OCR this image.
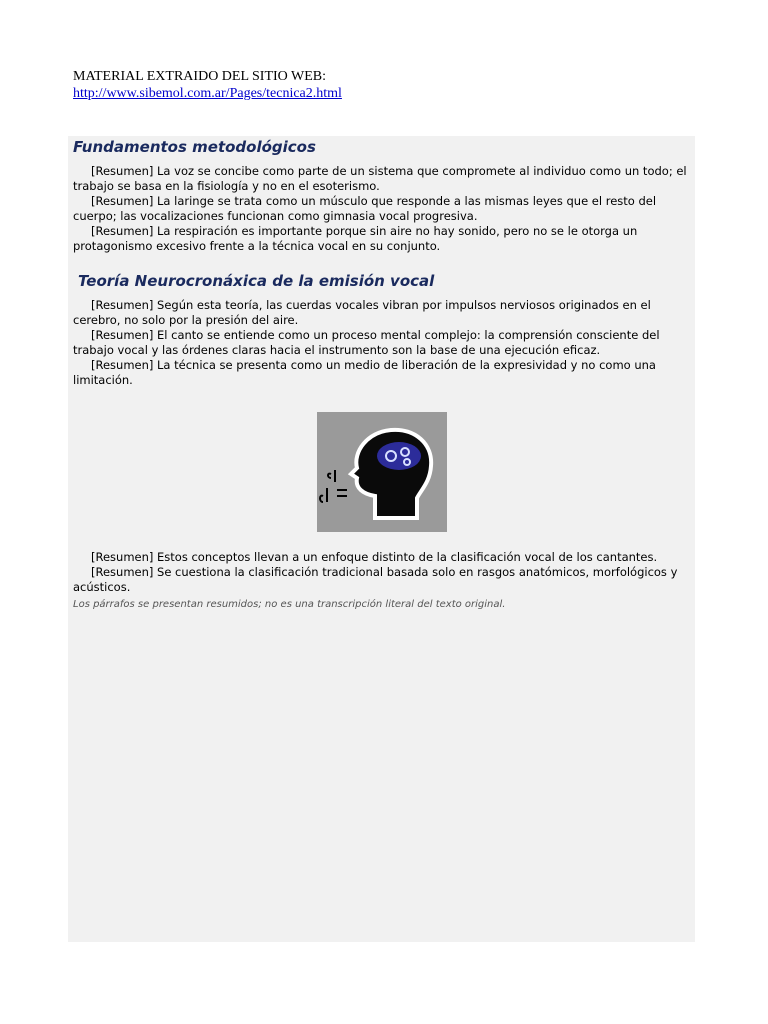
MATERIAL EXTRAIDO DEL SITIO WEB:
http://www.sibemol.com.ar/Pages/tecnica2.html
Fundamentos metodológicos

[Resumen] La voz se concibe como parte de un sistema que compromete al individuo como un todo; el trabajo se basa en la fisiología y no en el esoterismo.

[Resumen] La laringe se trata como un músculo que responde a las mismas leyes que el resto del cuerpo; las vocalizaciones funcionan como gimnasia vocal progresiva.

[Resumen] La respiración es importante porque sin aire no hay sonido, pero no se le otorga un protagonismo excesivo frente a la técnica vocal en su conjunto.

Teoría Neurocronáxica de la emisión vocal

[Resumen] Según esta teoría, las cuerdas vocales vibran por impulsos nerviosos originados en el cerebro, no solo por la presión del aire.

[Resumen] El canto se entiende como un proceso mental complejo: la comprensión consciente del trabajo vocal y las órdenes claras hacia el instrumento son la base de una ejecución eficaz.

[Resumen] La técnica se presenta como un medio de liberación de la expresividad y no como una limitación.

[Resumen] Estos conceptos llevan a un enfoque distinto de la clasificación vocal de los cantantes.

[Resumen] Se cuestiona la clasificación tradicional basada solo en rasgos anatómicos, morfológicos y acústicos.

Los párrafos se presentan resumidos; no es una transcripción literal del texto original.
